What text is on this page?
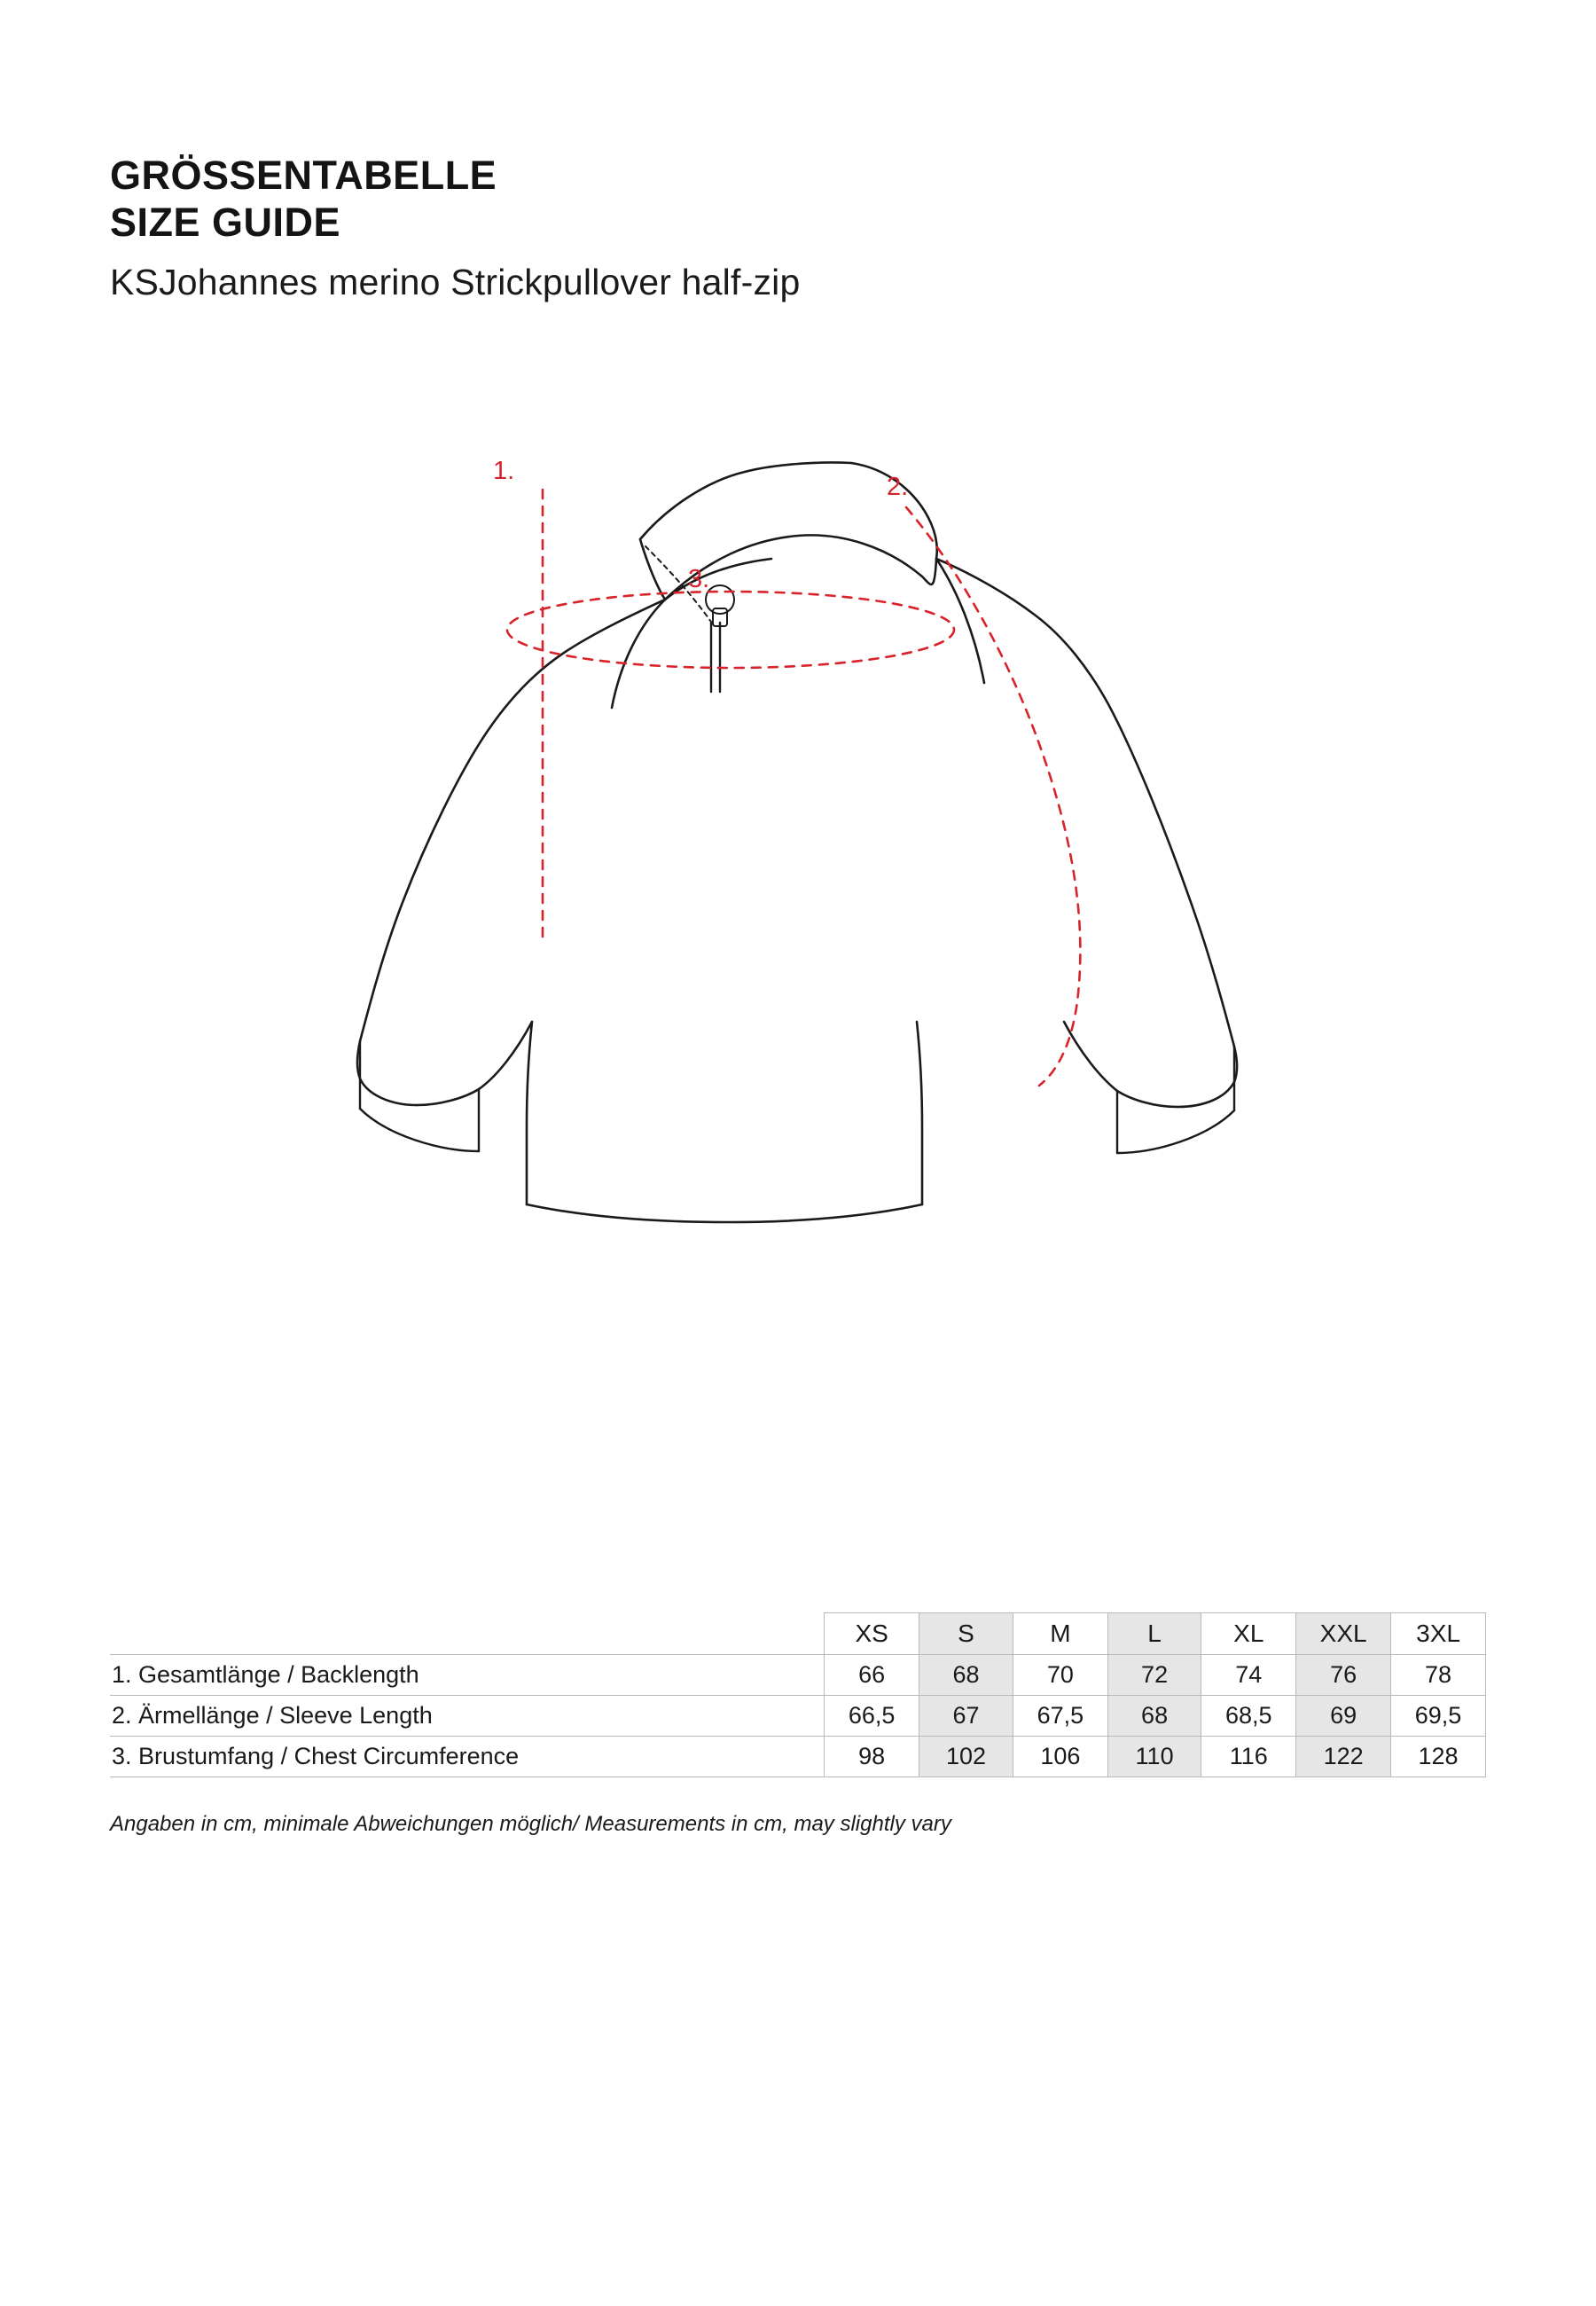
GRÖSSENTABELLE
SIZE GUIDE
KSJohannes merino Strickpullover half-zip
1.
2.
3.
	XS	S	M	L	XL	XXL	3XL
1. Gesamtlänge / Backlength	66	68	70	72	74	76	78
2. Ärmellänge / Sleeve Length	66,5	67	67,5	68	68,5	69	69,5
3. Brustumfang / Chest Circumference	98	102	106	110	116	122	128
Angaben in cm, minimale Abweichungen möglich/ Measurements in cm, may slightly vary
